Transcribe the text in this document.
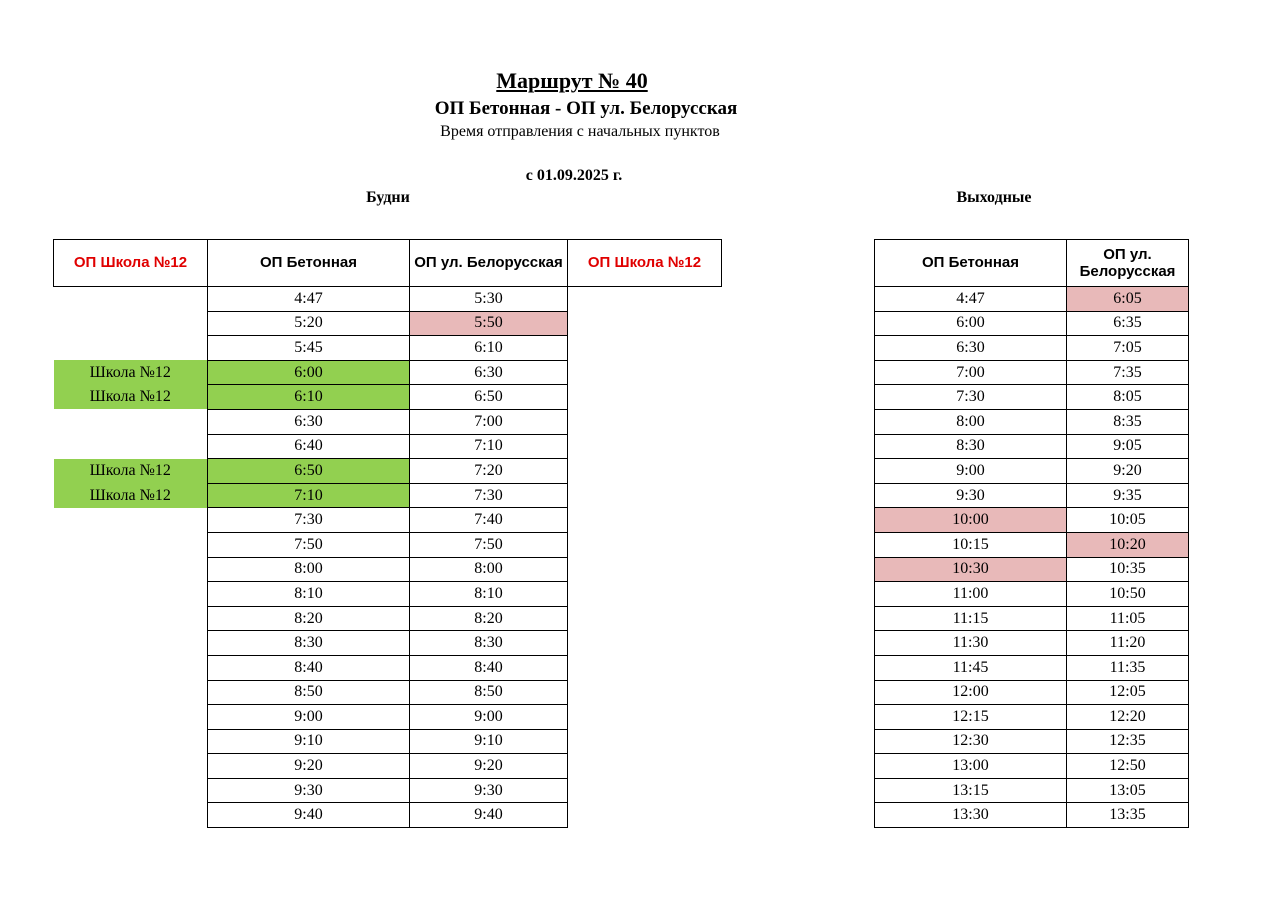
Маршрут № 40
ОП Бетонная - ОП ул. Белорусская
Время отправления с начальных пунктов
с 01.09.2025 г.
Будни	Выходные
ОП Школа №12	ОП Бетонная	ОП ул. Белорусская	ОП Школа №12
	4:47	5:30	
	5:20	5:50	
	5:45	6:10	
Школа №12	6:00	6:30	
Школа №12	6:10	6:50	
	6:30	7:00	
	6:40	7:10	
Школа №12	6:50	7:20	
Школа №12	7:10	7:30	
	7:30	7:40	
	7:50	7:50	
	8:00	8:00	
	8:10	8:10	
	8:20	8:20	
	8:30	8:30	
	8:40	8:40	
	8:50	8:50	
	9:00	9:00	
	9:10	9:10	
	9:20	9:20	
	9:30	9:30	
	9:40	9:40	
ОП Бетонная	ОП ул. Белорусская
4:47	6:05
6:00	6:35
6:30	7:05
7:00	7:35
7:30	8:05
8:00	8:35
8:30	9:05
9:00	9:20
9:30	9:35
10:00	10:05
10:15	10:20
10:30	10:35
11:00	10:50
11:15	11:05
11:30	11:20
11:45	11:35
12:00	12:05
12:15	12:20
12:30	12:35
13:00	12:50
13:15	13:05
13:30	13:35
